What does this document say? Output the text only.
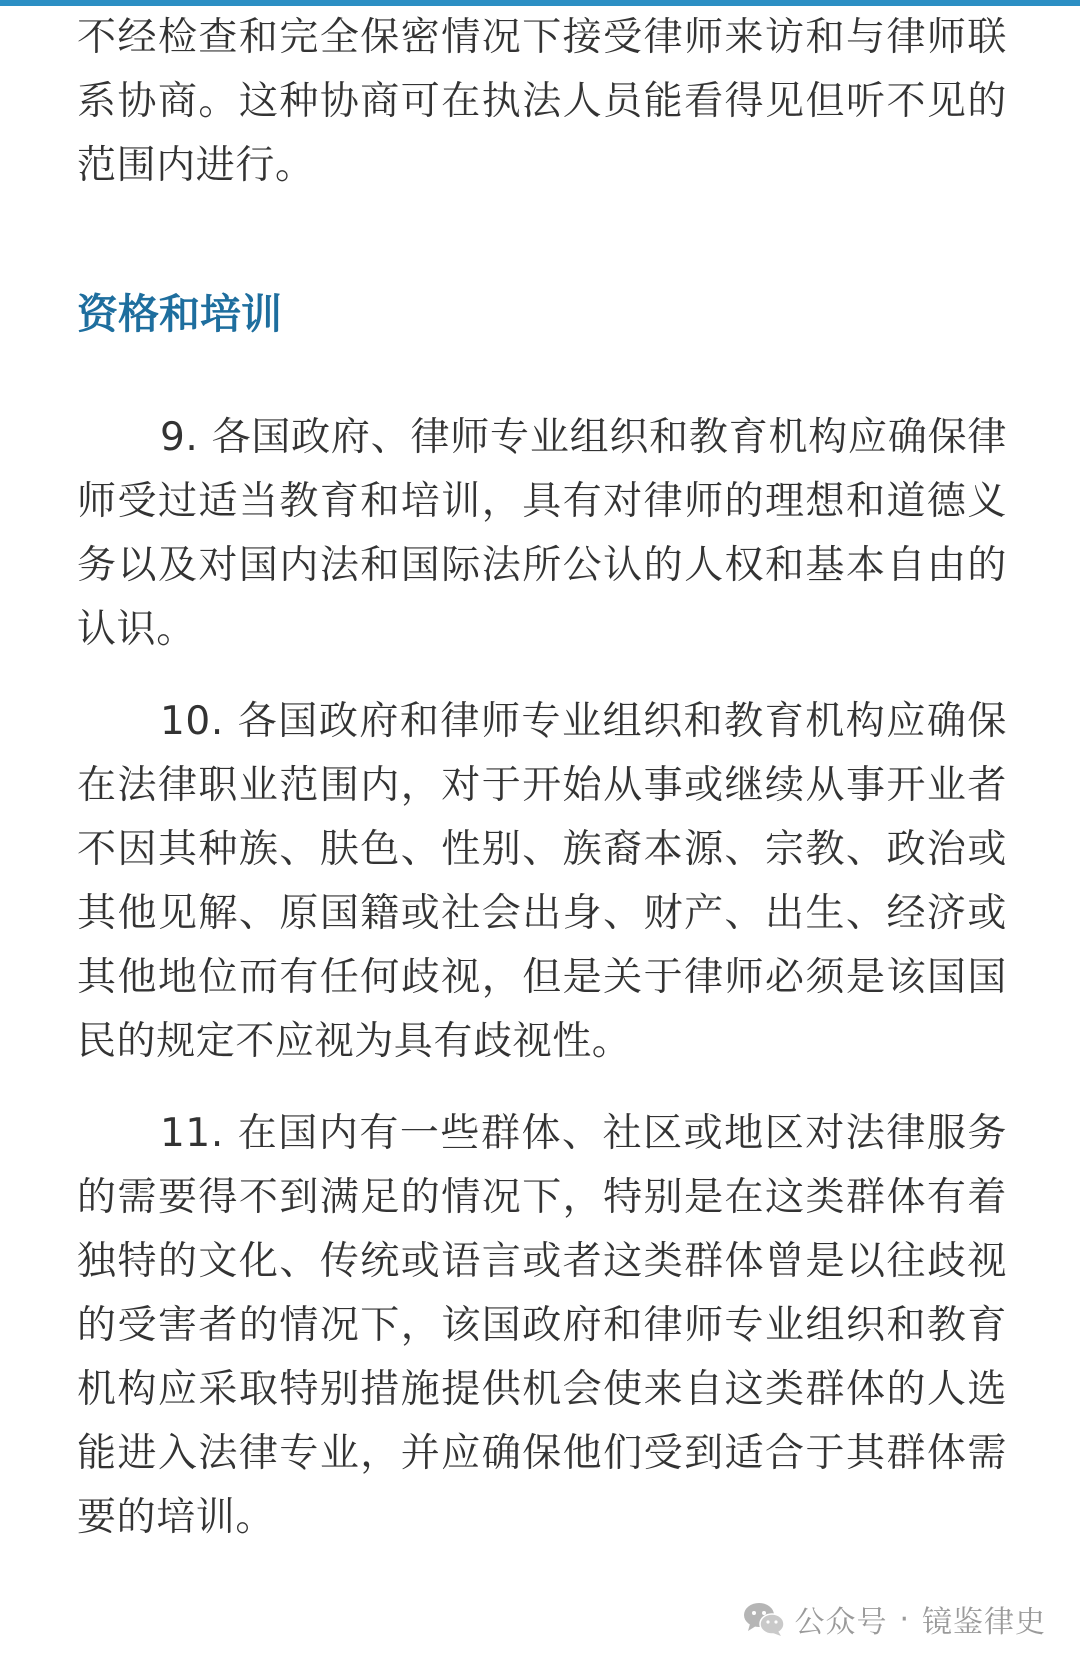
不经检查和完全保密情况下接受律师来访和与律师联系协商。这种协商可在执法人员能看得见但听不见的范围内进行。

资格和培训

9. 各国政府、律师专业组织和教育机构应确保律师受过适当教育和培训，具有对律师的理想和道德义务以及对国内法和国际法所公认的人权和基本自由的认识。

10. 各国政府和律师专业组织和教育机构应确保在法律职业范围内，对于开始从事或继续从事开业者不因其种族、肤色、性别、族裔本源、宗教、政治或其他见解、原国籍或社会出身、财产、出生、经济或其他地位而有任何歧视，但是关于律师必须是该国国民的规定不应视为具有歧视性。

11. 在国内有一些群体、社区或地区对法律服务的需要得不到满足的情况下，特别是在这类群体有着独特的文化、传统或语言或者这类群体曾是以往歧视的受害者的情况下，该国政府和律师专业组织和教育机构应采取特别措施提供机会使来自这类群体的人选能进入法律专业，并应确保他们受到适合于其群体需要的培训。

公众号 · 镜鉴律史
